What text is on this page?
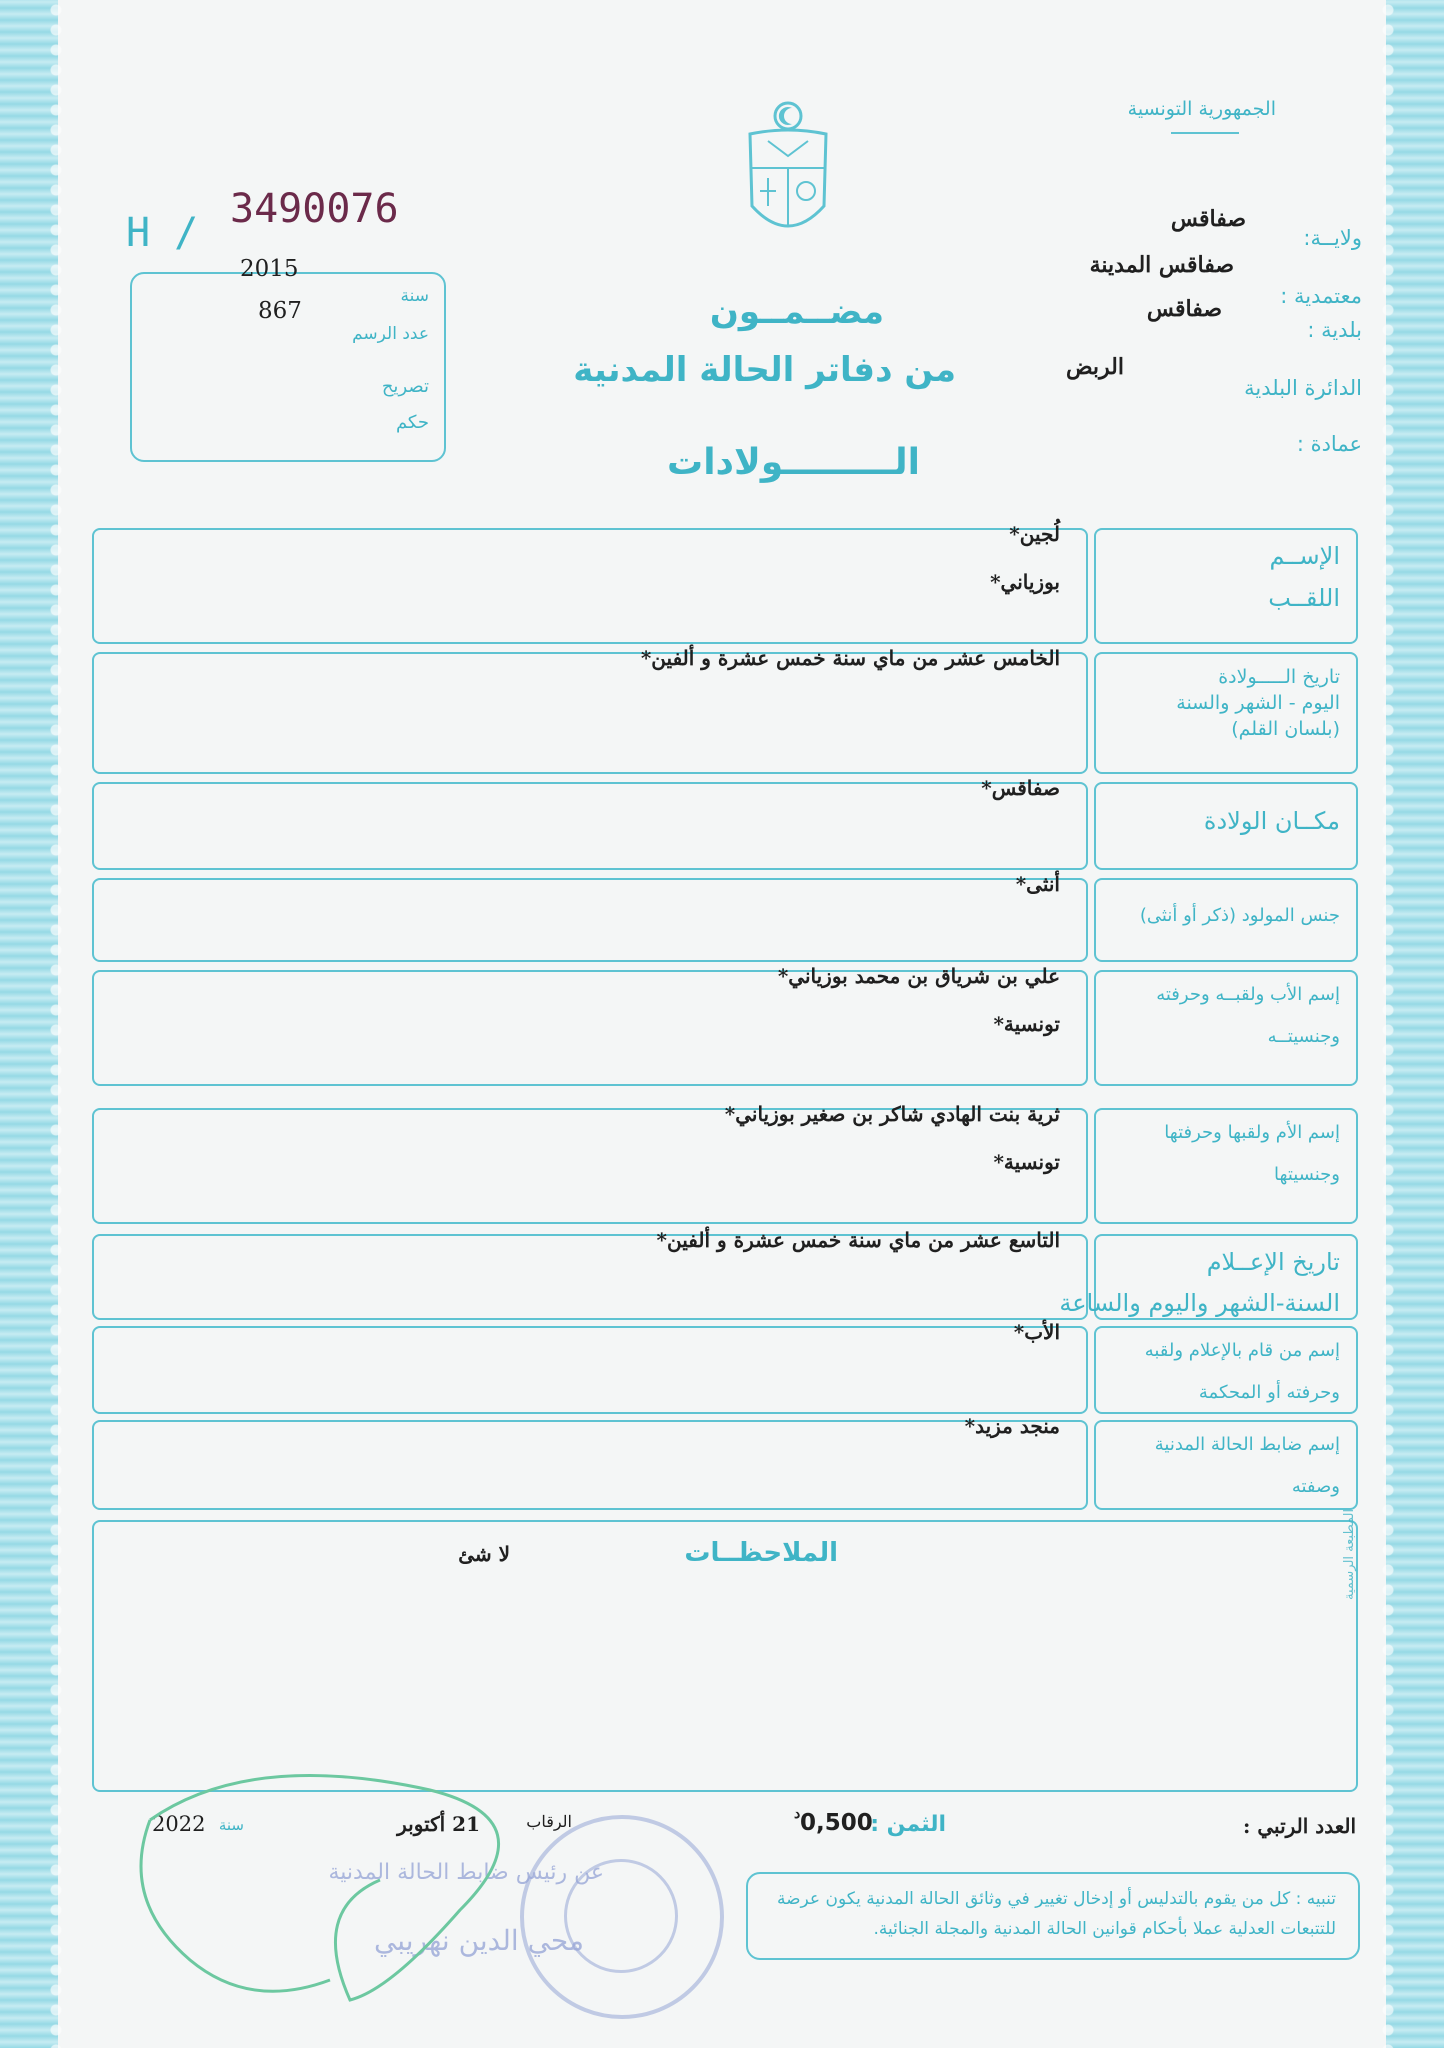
الجمهورية التونسية
H /
3490076
2015
سنة
867
عدد الرسم
تصريح
حكم
مضــمــون
من دفاتر الحالة المدنية
الـــــــــولادات
ولايــة:
صفاقس
معتمدية :
صفاقس المدينة
بلدية :
صفاقس
الدائرة البلدية
الربض
عمادة :
الإســم
اللقــب
لُجين*
بوزياني*
تاريخ الـــــولادة
اليوم - الشهر والسنة
(بلسان القلم)
الخامس عشر من ماي سنة خمس عشرة و ألفين*
مكــان الولادة
صفاقس*
جنس المولود (ذكر أو أنثى)
أنثى*
إسم الأب ولقبــه وحرفته
وجنسيتــه
علي بن شرياق بن محمد بوزياني*
تونسية*
إسم الأم ولقبها وحرفتها
وجنسيتها
ثرية بنت الهادي شاكر بن صغير بوزياني*
تونسية*
تاريخ الإعــلام
السنة-الشهر واليوم والساعة
التاسع عشر من ماي سنة خمس عشرة و ألفين*
إسم من قام بالإعلام ولقبه
وحرفته أو المحكمة
الأب*
إسم ضابط الحالة المدنية
وصفته
منجد مزيد*
الملاحظــات
لا شئ	المطبعة الرسمية
العدد الرتبي :
الثمن :
0,500
د
الرقاب
21 أكتوبر
سنة
2022
تنبيه : كل من يقوم بالتدليس أو إدخال تغيير في وثائق الحالة المدنية يكون عرضة للتتبعات العدلية عملا بأحكام قوانين الحالة المدنية والمجلة الجنائية.
عن رئيس ضابط الحالة المدنية
محي الدين نهريبي
